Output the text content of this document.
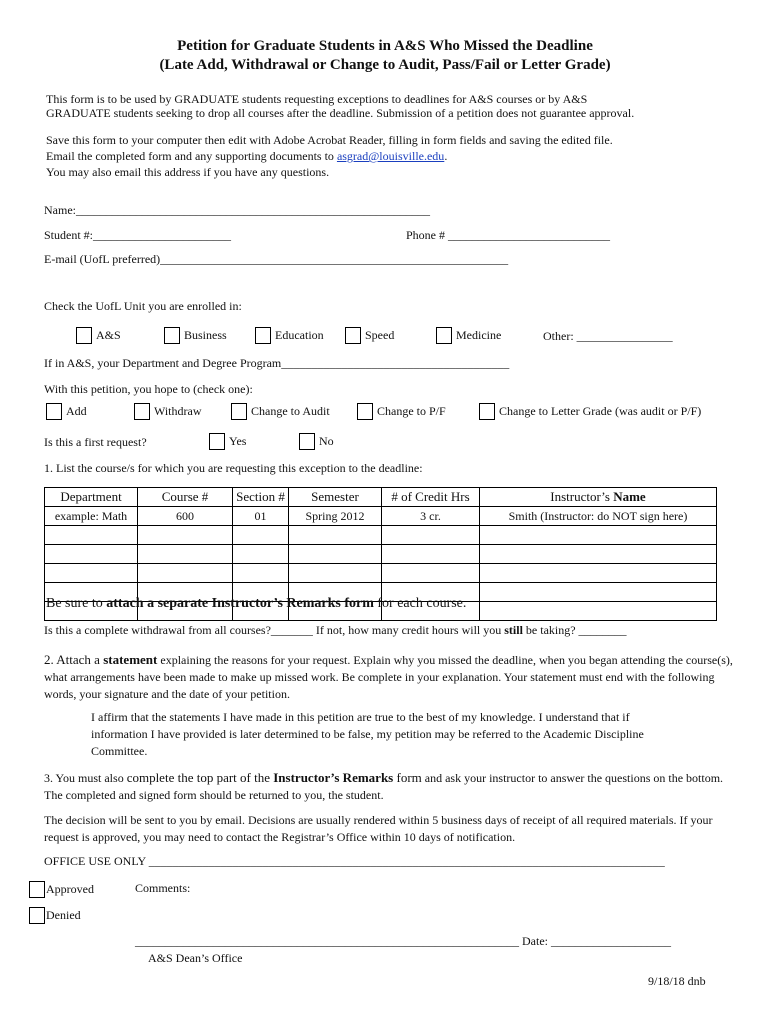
Petition for Graduate Students in A&S Who Missed the Deadline
(Late Add, Withdrawal or Change to Audit, Pass/Fail or Letter Grade)
This form is to be used by GRADUATE students requesting exceptions to deadlines for A&S courses or by A&S
GRADUATE students seeking to drop all courses after the deadline. Submission of a petition does not guarantee approval.
Save this form to your computer then edit with Adobe Acrobat Reader, filling in form fields and saving the edited file.
Email the completed form and any supporting documents to asgrad@louisville.edu.
You may also email this address if you have any questions.
Name:___________________________________________________________
Student #:_______________________	Phone # ___________________________
E-mail (UofL preferred)__________________________________________________________
Check the UofL Unit you are enrolled in:
A&S	Business	Education	Speed	Medicine	Other: ________________
If in A&S, your Department and Degree Program______________________________________
With this petition, you hope to (check one):
Add	Withdraw	Change to Audit	Change to P/F	Change to Letter Grade (was audit or P/F)
Is this a first request?	Yes	No
1. List the course/s for which you are requesting this exception to the deadline:
Department	Course #	Section #	Semester	# of Credit Hrs	Instructor’s Name
example: Math	600	01	Spring 2012	3 cr.	Smith (Instructor: do NOT sign here)

Be sure to attach a separate Instructor’s Remarks form for each course.
Is this a complete withdrawal from all courses?_______ If not, how many credit hours will you still be taking? ________
2. Attach a statement explaining the reasons for your request. Explain why you missed the deadline, when you began attending the course(s), what arrangements have been made to make up missed work. Be complete in your explanation. Your statement must end with the following words, your signature and the date of your petition.
I affirm that the statements I have made in this petition are true to the best of my knowledge. I understand that if information I have provided is later determined to be false, my petition may be referred to the Academic Discipline Committee.
3. You must also complete the top part of the Instructor’s Remarks form and ask your instructor to answer the questions on the bottom. The completed and signed form should be returned to you, the student.
The decision will be sent to you by email. Decisions are usually rendered within 5 business days of receipt of all required materials. If your request is approved, you may need to contact the Registrar’s Office within 10 days of notification.
OFFICE USE ONLY ______________________________________________________________________________________
Approved	Comments:
Denied
________________________________________________________________ Date: ____________________
A&S Dean’s Office
9/18/18 dnb
